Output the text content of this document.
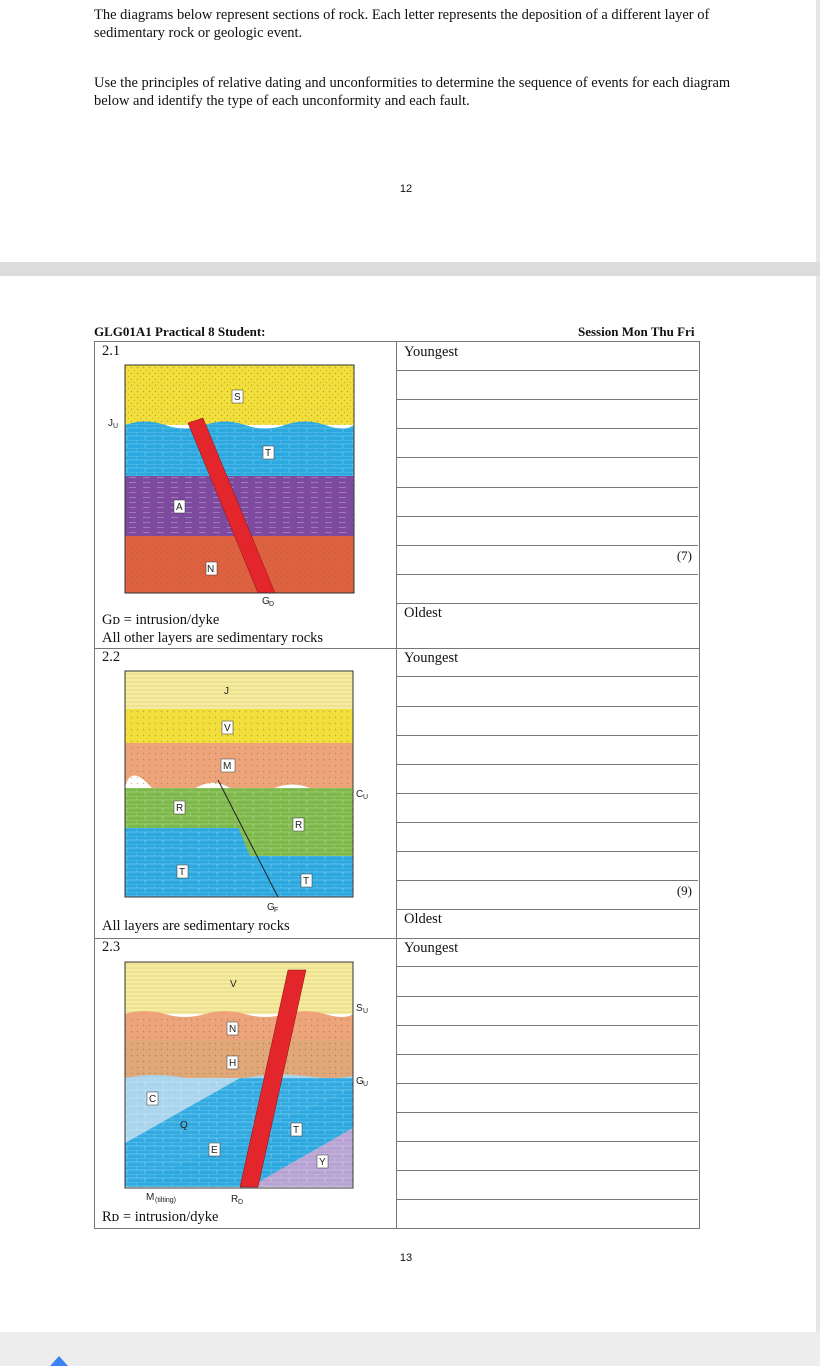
The diagrams below represent sections of rock. Each letter represents the deposition of a different layer of sedimentary rock or geologic event.
Use the principles of relative dating and unconformities to determine the sequence of events for each diagram below and identify the type of each unconformity and each fault.
12
GLG01A1 Practical 8 Student:	Session Mon Thu Fri
2.1
2.2
2.3
Youngest
(7)
Oldest
Youngest
(9)
Oldest
Youngest
Gᴅ = intrusion/dyke
All other layers are sedimentary rocks
All layers are sedimentary rocks
Rᴅ = intrusion/dyke
S
T
A
N
G D
J U
J
V
M
R
R
T
T
G F
C U
V
N
H
C
Q
E
T
Y
S U
G U
M (tilting)	R D
13
